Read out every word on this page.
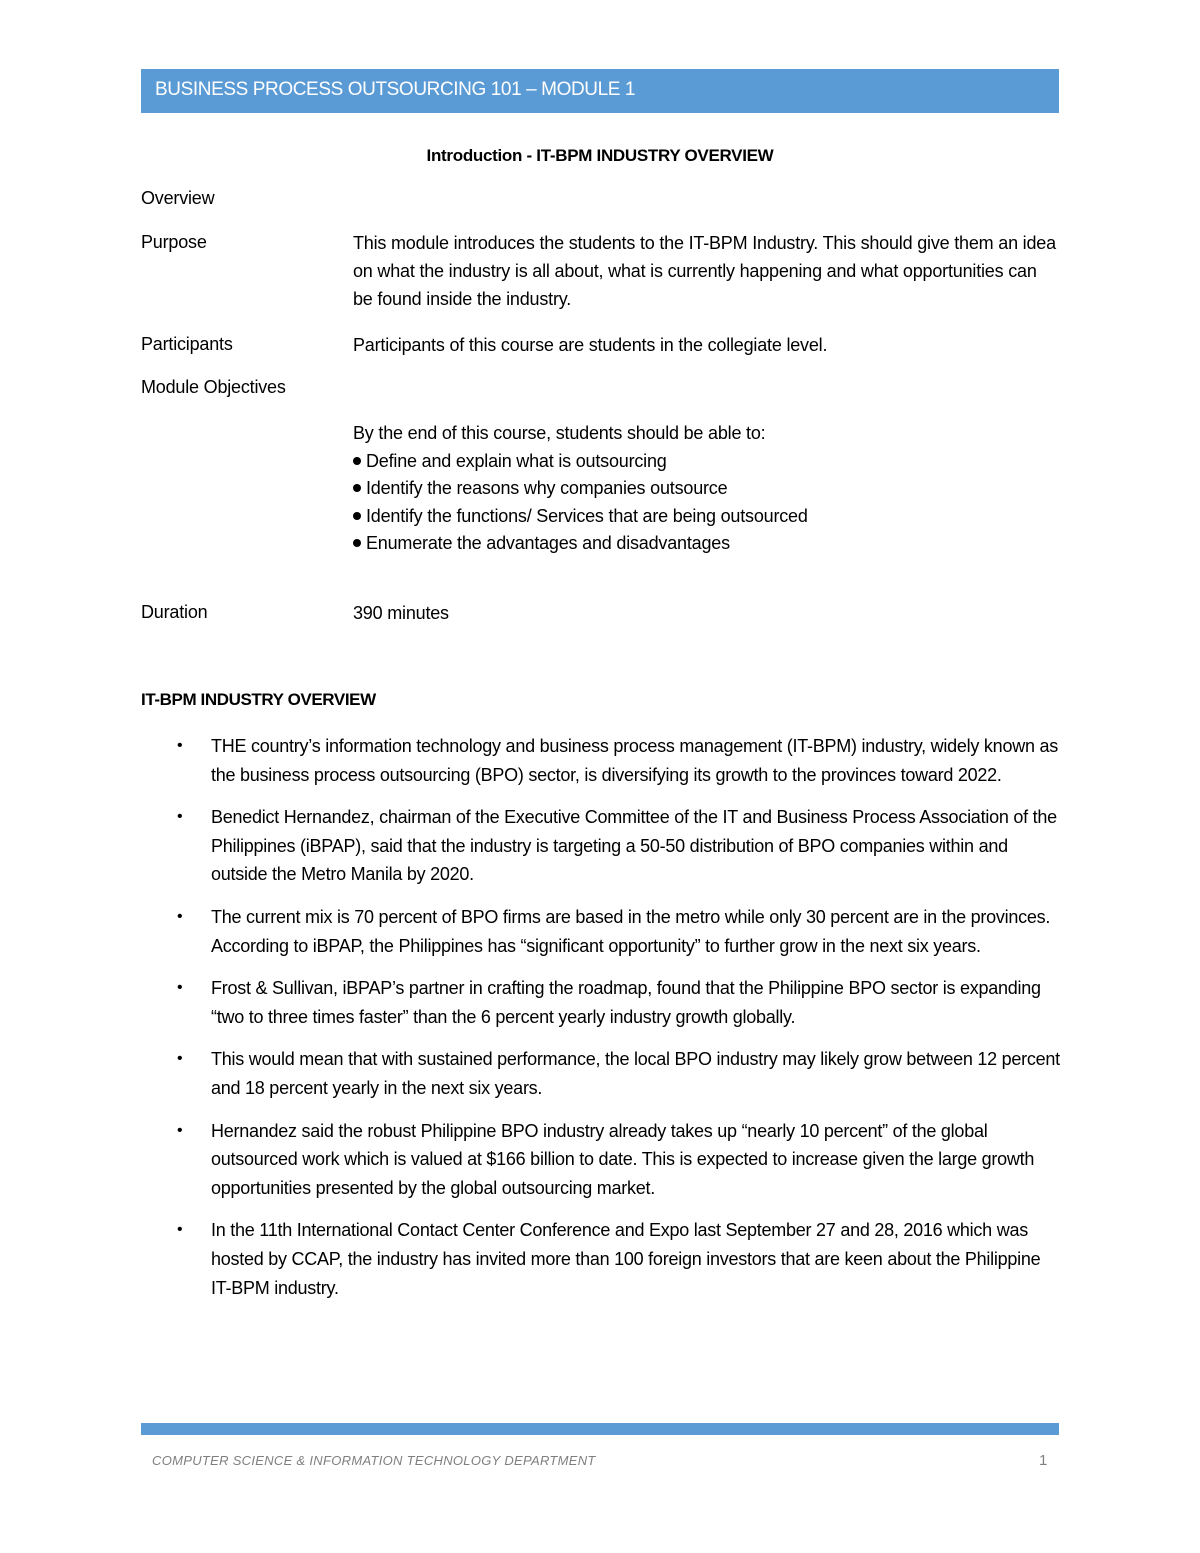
BUSINESS PROCESS OUTSOURCING 101 – MODULE 1
Introduction - IT-BPM INDUSTRY OVERVIEW
Overview
Purpose	This module introduces the students to the IT-BPM Industry. This should give them an idea on what the industry is all about, what is currently happening and what opportunities can be found inside the industry.
Participants	Participants of this course are students in the collegiate level.
Module Objectives
By the end of this course, students should be able to:
Define and explain what is outsourcing
Identify the reasons why companies outsource
Identify the functions/ Services that are being outsourced
Enumerate the advantages and disadvantages
Duration	390 minutes
IT-BPM INDUSTRY OVERVIEW
• THE country’s information technology and business process management (IT-BPM) industry, widely known as the business process outsourcing (BPO) sector, is diversifying its growth to the provinces toward 2022.
• Benedict Hernandez, chairman of the Executive Committee of the IT and Business Process Association of the Philippines (iBPAP), said that the industry is targeting a 50-50 distribution of BPO companies within and outside the Metro Manila by 2020.
• The current mix is 70 percent of BPO firms are based in the metro while only 30 percent are in the provinces. According to iBPAP, the Philippines has “significant opportunity” to further grow in the next six years.
• Frost & Sullivan, iBPAP’s partner in crafting the roadmap, found that the Philippine BPO sector is expanding “two to three times faster” than the 6 percent yearly industry growth globally.
• This would mean that with sustained performance, the local BPO industry may likely grow between 12 percent and 18 percent yearly in the next six years.
• Hernandez said the robust Philippine BPO industry already takes up “nearly 10 percent” of the global outsourced work which is valued at $166 billion to date. This is expected to increase given the large growth opportunities presented by the global outsourcing market.
• In the 11th International Contact Center Conference and Expo last September 27 and 28, 2016 which was hosted by CCAP, the industry has invited more than 100 foreign investors that are keen about the Philippine IT-BPM industry.
COMPUTER SCIENCE & INFORMATION TECHNOLOGY DEPARTMENT	1
